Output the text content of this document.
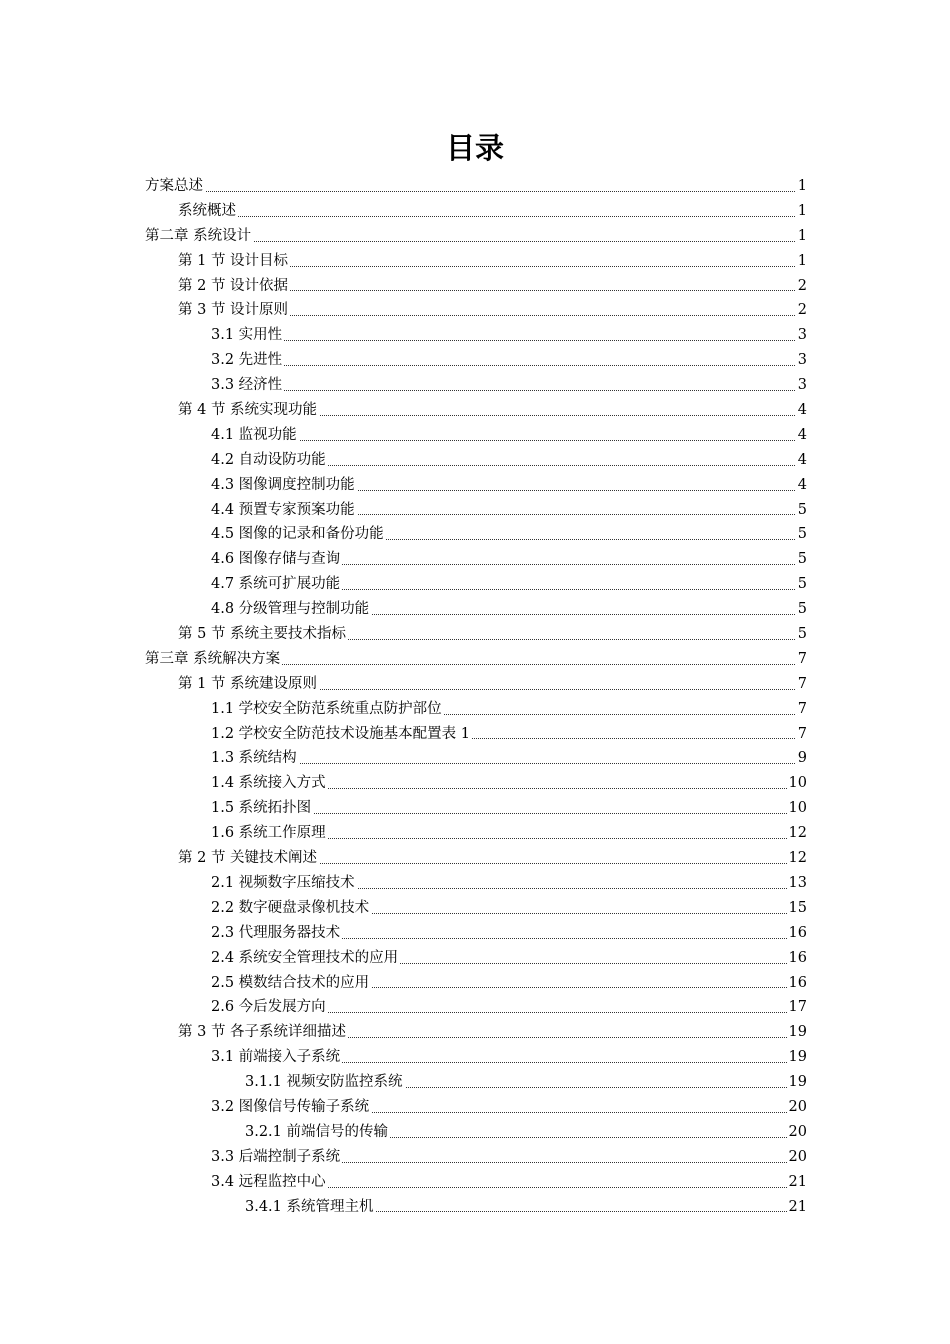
目录
方案总述	1
系统概述	1
第二章 系统设计	1
第 1 节 设计目标	1
第 2 节 设计依据	2
第 3 节 设计原则	2
3.1 实用性	3
3.2 先进性	3
3.3 经济性	3
第 4 节 系统实现功能	4
4.1 监视功能	4
4.2 自动设防功能	4
4.3 图像调度控制功能	4
4.4 预置专家预案功能	5
4.5 图像的记录和备份功能	5
4.6 图像存储与查询	5
4.7 系统可扩展功能	5
4.8 分级管理与控制功能	5
第 5 节 系统主要技术指标	5
第三章 系统解决方案	7
第 1 节 系统建设原则	7
1.1 学校安全防范系统重点防护部位	7
1.2 学校安全防范技术设施基本配置表 1	7
1.3 系统结构	9
1.4 系统接入方式	10
1.5 系统拓扑图	10
1.6 系统工作原理	12
第 2 节 关键技术阐述	12
2.1 视频数字压缩技术	13
2.2 数字硬盘录像机技术	15
2.3 代理服务器技术	16
2.4 系统安全管理技术的应用	16
2.5 模数结合技术的应用	16
2.6 今后发展方向	17
第 3 节 各子系统详细描述	19
3.1 前端接入子系统	19
3.1.1 视频安防监控系统	19
3.2 图像信号传输子系统	20
3.2.1 前端信号的传输	20
3.3 后端控制子系统	20
3.4 远程监控中心	21
3.4.1 系统管理主机	21
